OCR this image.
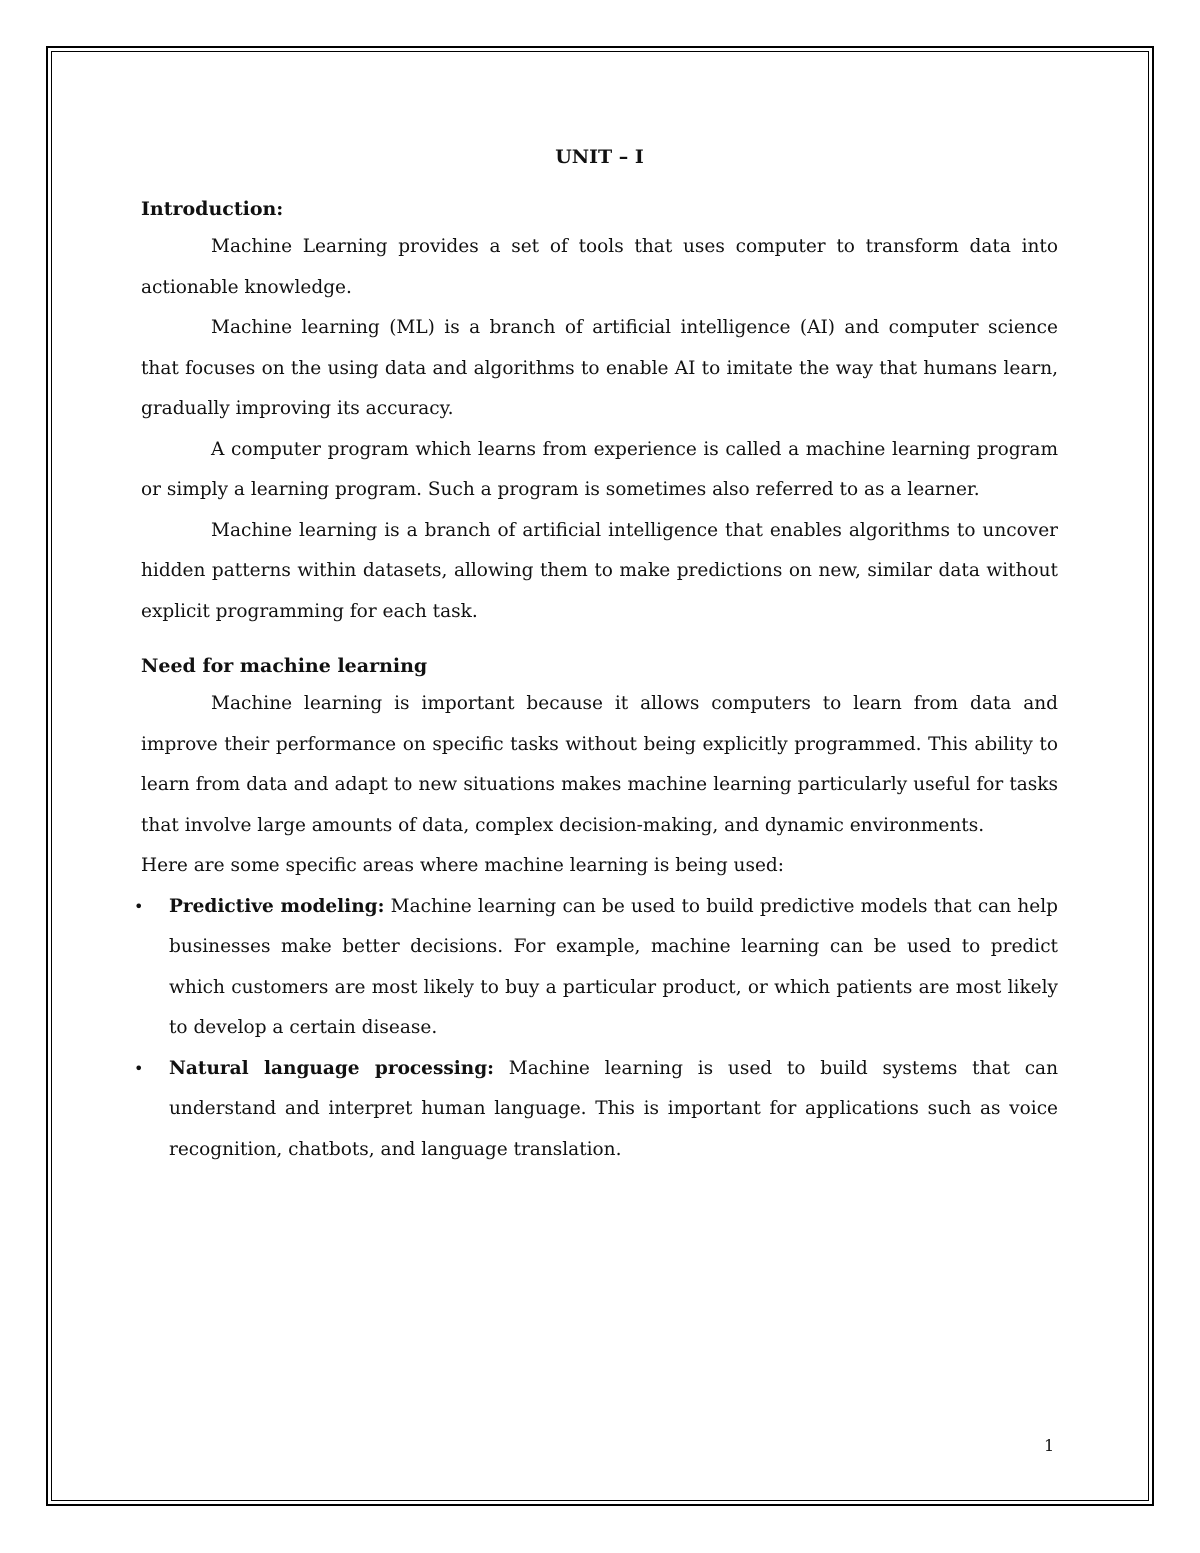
UNIT – I
Introduction:

Machine Learning provides a set of tools that uses computer to transform data into actionable knowledge.

Machine learning (ML) is a branch of artificial intelligence (AI) and computer science that focuses on the using data and algorithms to enable AI to imitate the way that humans learn, gradually improving its accuracy.

A computer program which learns from experience is called a machine learning program or simply a learning program. Such a program is sometimes also referred to as a learner.

Machine learning is a branch of artificial intelligence that enables algorithms to uncover hidden patterns within datasets, allowing them to make predictions on new, similar data without explicit programming for each task.

Need for machine learning

Machine learning is important because it allows computers to learn from data and improve their performance on specific tasks without being explicitly programmed. This ability to learn from data and adapt to new situations makes machine learning particularly useful for tasks that involve large amounts of data, complex decision-making, and dynamic environments.

Here are some specific areas where machine learning is being used:

• Predictive modeling: Machine learning can be used to build predictive models that can help businesses make better decisions. For example, machine learning can be used to predict which customers are most likely to buy a particular product, or which patients are most likely to develop a certain disease.
• Natural language processing: Machine learning is used to build systems that can understand and interpret human language. This is important for applications such as voice recognition, chatbots, and language translation.
1
